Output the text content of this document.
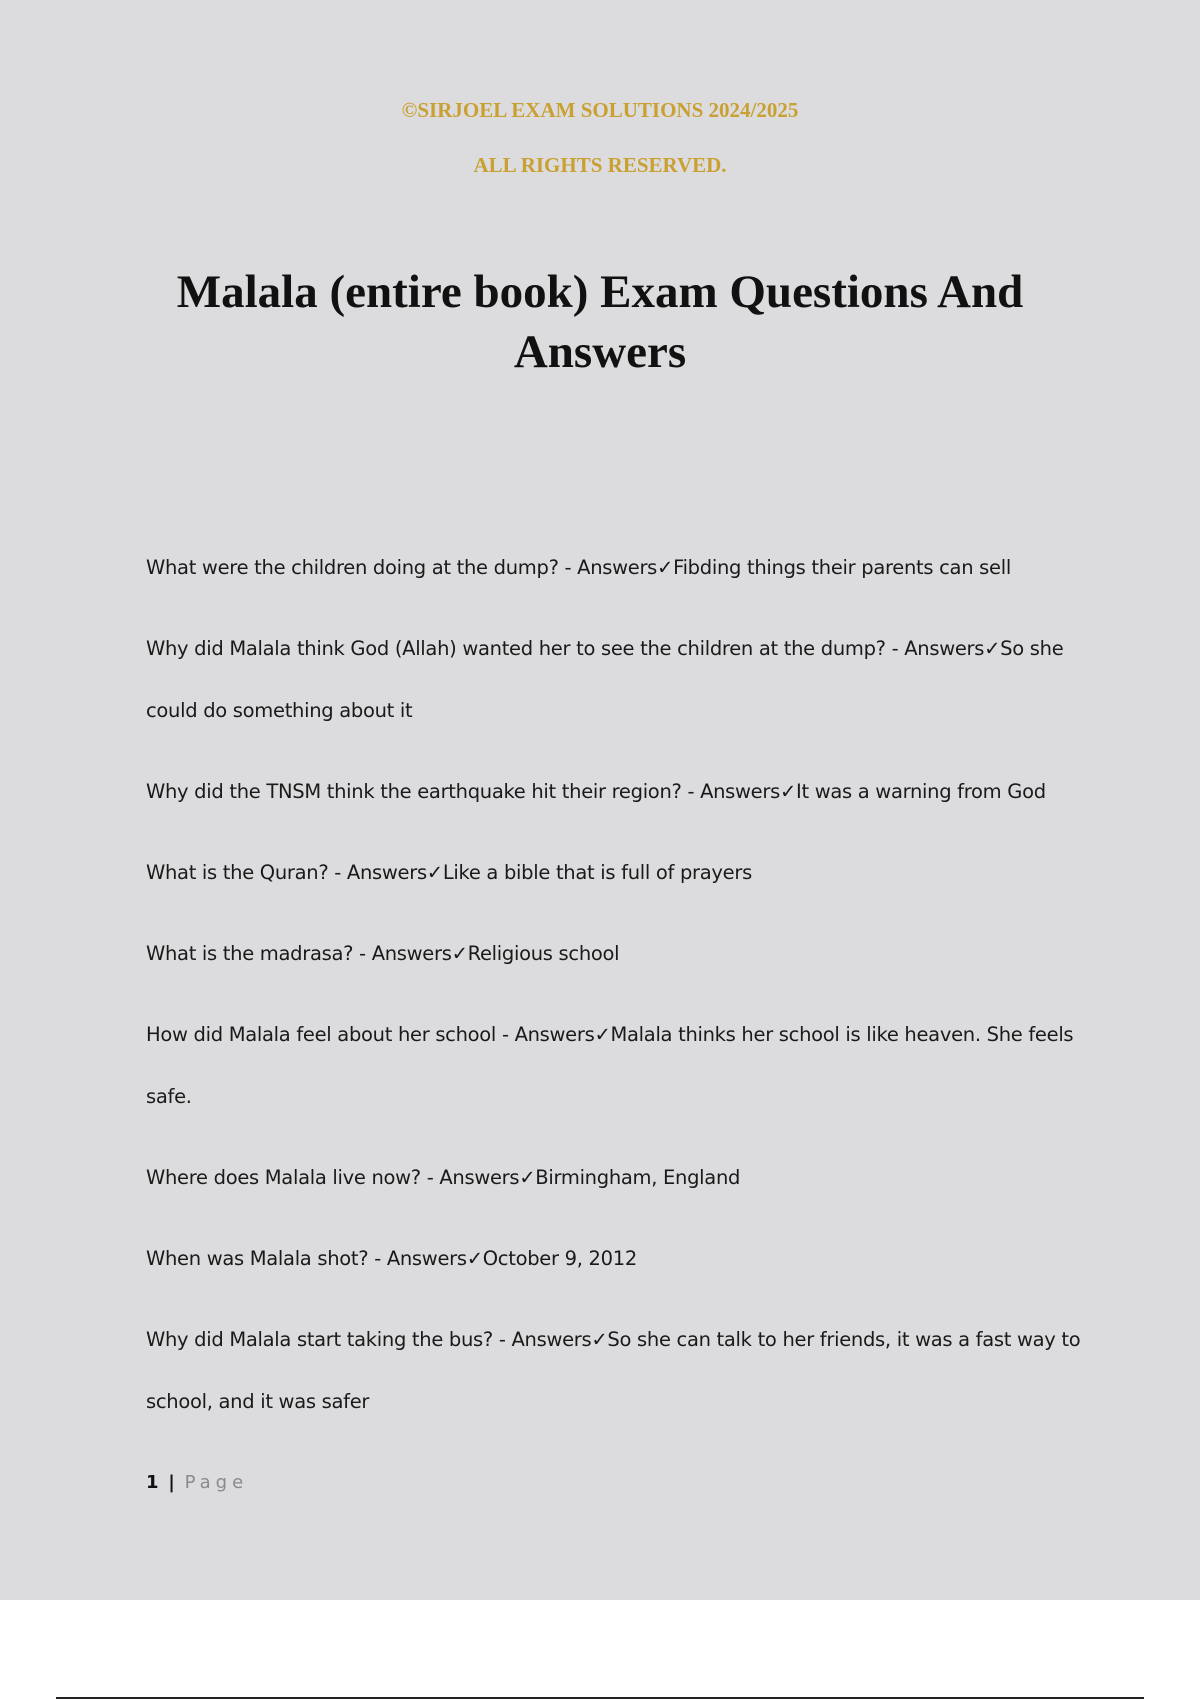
©SIRJOEL EXAM SOLUTIONS 2024/2025

ALL RIGHTS RESERVED.

Malala (entire book) Exam Questions And Answers
What were the children doing at the dump? - Answers✓Fibding things their parents can sell
Why did Malala think God (Allah) wanted her to see the children at the dump? - Answers✓So she could do something about it
Why did the TNSM think the earthquake hit their region? - Answers✓It was a warning from God
What is the Quran? - Answers✓Like a bible that is full of prayers
What is the madrasa? - Answers✓Religious school
How did Malala feel about her school - Answers✓Malala thinks her school is like heaven. She feels safe.
Where does Malala live now? - Answers✓Birmingham, England
When was Malala shot? - Answers✓October 9, 2012
Why did Malala start taking the bus? - Answers✓So she can talk to her friends, it was a fast way to school, and it was safer
1 | Page
